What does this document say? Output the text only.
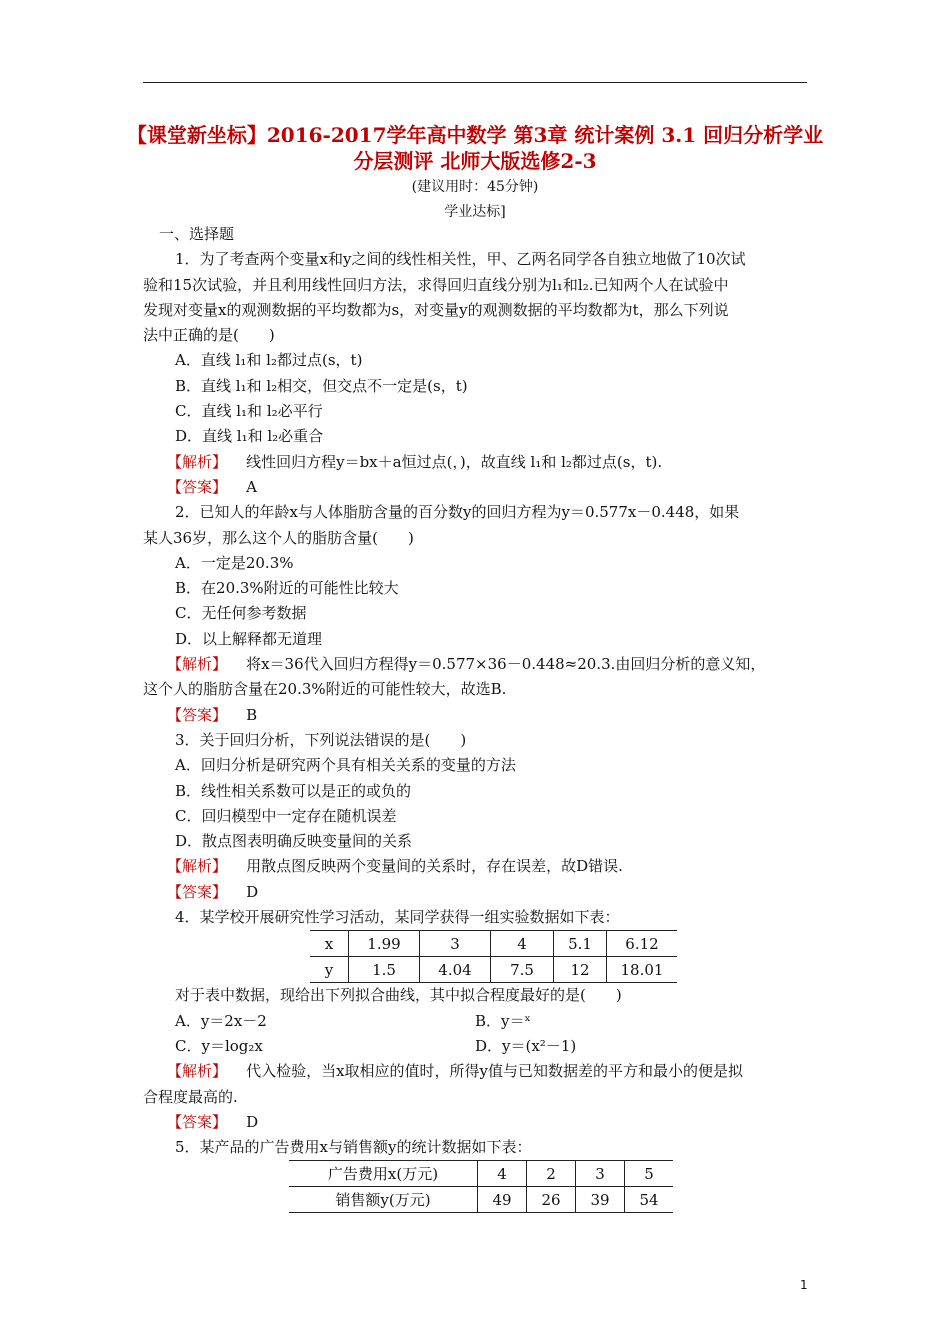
【课堂新坐标】2016-2017学年高中数学 第3章 统计案例 3.1 回归分析学业分层测评 北师大版选修2-3
(建议用时：45分钟)
学业达标]
一、选择题
1．为了考查两个变量x和y之间的线性相关性，甲、乙两名同学各自独立地做了10次试
验和15次试验，并且利用线性回归方法，求得回归直线分别为l₁和l₂.已知两个人在试验中
发现对变量x的观测数据的平均数都为s，对变量y的观测数据的平均数都为t，那么下列说
法中正确的是(　　)
A．直线 l₁和 l₂都过点(s，t)
B．直线 l₁和 l₂相交，但交点不一定是(s，t)
C．直线 l₁和 l₂必平行
D．直线 l₁和 l₂必重合
【解析】 线性回归方程y＝bx＋a恒过点(，)，故直线 l₁和 l₂都过点(s，t).
【答案】 A
2．已知人的年龄x与人体脂肪含量的百分数y的回归方程为y＝0.577x－0.448，如果
某人36岁，那么这个人的脂肪含量(　　)
A．一定是20.3%
B．在20.3%附近的可能性比较大
C．无任何参考数据
D．以上解释都无道理
【解析】 将x＝36代入回归方程得y＝0.577×36－0.448≈20.3.由回归分析的意义知，
这个人的脂肪含量在20.3%附近的可能性较大，故选B.
【答案】 B
3．关于回归分析，下列说法错误的是(　　)
A．回归分析是研究两个具有相关关系的变量的方法
B．线性相关系数可以是正的或负的
C．回归模型中一定存在随机误差
D．散点图表明确反映变量间的关系
【解析】 用散点图反映两个变量间的关系时，存在误差，故D错误.
【答案】 D
4．某学校开展研究性学习活动，某同学获得一组实验数据如下表：
x	1.99	3	4	5.1	6.12
y	1.5	4.04	7.5	12	18.01
对于表中数据，现给出下列拟合曲线，其中拟合程度最好的是(　　)
A．y＝2x－2	B．y＝ˣ
C．y＝log₂x	D．y＝(x²－1)
【解析】 代入检验，当x取相应的值时，所得y值与已知数据差的平方和最小的便是拟
合程度最高的.
【答案】 D
5．某产品的广告费用x与销售额y的统计数据如下表：
广告费用x(万元)	4	2	3	5
销售额y(万元)	49	26	39	54
1
